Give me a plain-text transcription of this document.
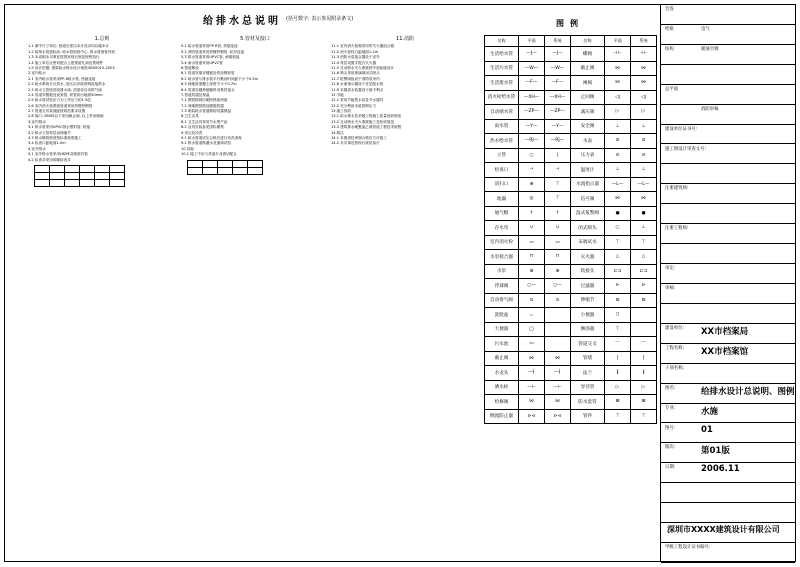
给排水总说明 (括号数字: 表示参见附录条文)
1.总则
1.1 图中尺寸单位: 管道长度以米计其余均以毫米计
1.2 给排水管道标高: 给水管指管中心, 排水管指管内底
1.3 本说明未尽事宜按国家现行规范规程执行
1.4 施工单位应密切配合土建预留孔洞及预埋件
1.5 设计依据: 建筑给水排水设计规范GB50015-2003
2.室内给水
2.1 室内给水管采用PP-R给水管, 热熔连接
2.2 给水系统分区供水, 低区由市政管网直接供水
2.3 给水立管底部设泄水阀, 顶部设自动排气阀
2.4 管道穿楼板处设套管, 套管高出地面50mm
2.5 给水管试验压力为工作压力的1.5倍
2.6 室内消火栓系统管道采用热镀锌钢管
2.7 管道支吊架间距按规范要求设置
2.8 阀门: DN50以下采用截止阀, 以上采用闸阀
3.室内排水
3.1 排水管采用UPVC排水塑料管, 粘接
3.2 排水立管每层设伸缩节
3.3 排水横管坡度按标准坡度施工
3.4 检查口距地面1.0m
4.室外排水
4.1 室外排水管采用HDPE双壁波纹管
4.2 检查井采用砖砌检查井

5.管材及接口
5.1 给水管道采用PP-R管, 热熔连接
5.2 消防管道采用热镀锌钢管, 丝扣连接
5.3 排水管道采用UPVC管, 承插粘接
5.4 雨水管道采用UPVC管
6.管道敷设
6.1 管道穿墙穿楼板处均设钢套管
6.2 给水管与排水管平行敷设时间距不小于0.5m
6.3 埋地管道覆土深度不小于0.7m
6.4 管道穿越伸缩缝时设柔性接头
7.管道防腐及保温
7.1 钢管除锈后刷防锈漆两道
7.2 埋地钢管做加强级防腐
7.3 明装给水管道做防结露保温
8.卫生洁具
8.1 卫生洁具采用节水型产品
8.2 洁具安装参见国标图集
9.试压及冲洗
9.1 给水管道试压合格后进行冲洗消毒
9.2 排水管道做灌水及通球试验
10.其他
10.1 施工中应与其他专业密切配合

11.消防
11.1 室内消火栓箱采用带灭火器组合箱
11.2 消火栓栓口距地面1.1m
11.3 消防水泵接合器设于室外
11.4 每层设置手提式灭火器
11.5 自动喷水灭火系统按中危险级设计
11.6 喷头采用玻璃球闭式喷头
11.7 报警阀组设于消防泵房内
11.8 水流指示器设于各层配水管
11.9 末端试水装置设于最不利点
12.节能
12.1 采用节能型水泵及节水器具
12.2 充分利用市政管网压力
13.施工验收
13.1 给水排水及采暖工程施工质量验收规范
13.2 自动喷水灭火系统施工及验收规范
13.3 建筑排水硬聚氯乙烯管道工程技术规程
14.附注
14.1 本图须经审图合格后方可施工
14.2 未尽事宜按现行规范执行
图例
名称	平面	系统	名称	平面	系统
生活给水管	—J—	—J—	蝶阀	⊣⊢	⊣⊢
生活污水管	—W—	—W—	截止阀	⋈	⋈
生活废水管	—F—	—F—	闸阀	⋈	⋈
消火栓给水管	—XH—	—XH—	止回阀	◁|	◁|
自动喷水管	—ZP—	—ZP—	减压阀	▷	▷
雨水管	—Y—	—Y—	安全阀	⊥	⊥
热水给水管	—RJ—	—RJ—	水表	⊘	⊘
立管	○	|	压力表	⊙	⊙
检查口	⊣	⊣	温度计	⊥	⊥
清扫口	⊕	⊤	水流指示器	—L—	—L—
地漏	◎	⊤	信号阀	⋈	⋈
通气帽	↑	↑	湿式报警阀	●	●
存水弯	∪	∪	闭式喷头	○	⊥
室内消火栓	▭	▭	末端试水	⊤	⊤
水泵接合器	⊓	⊓	灭火器	△	△
水泵	⊗	⊗	软接头	⊏⊐	⊏⊐
浮球阀	○—	○—	过滤器	⊳	⊳
自动排气阀	⊙	⊙	伸缩节	⊟	⊟
洗脸盆	◡		小便器	▯	
大便器	◯		淋浴器	⊤	
污水池	▭		管道交叉	⌒	⌒
截止阀	⋈	⋈	管堵	]	]
水龙头	—┤	—┤	法兰	‖	‖
洒水栓	—⊢	—⊢	异径管	▷	▷
检修阀	⋈	⋈	防水套管	⊞	⊞
倒流防止器	⊳⊲	⊳⊲	管件	⊤	⊤
会签
给排	电气
结构	暖通空调
总平面
消防审核
建设单位证书号:
施工图设计审查文号:
注册建筑师:
注册工程师:
审定:
审核:
建设单位: XX市档案局
工程名称: XX市档案馆
子项名称:
图名:	给排水设计总说明、图例
专业:	水施
图号:	01
版次:	第01版
日期:	2006.11
深圳市XXXX建筑设计有限公司
甲级工程设计证书编号:
